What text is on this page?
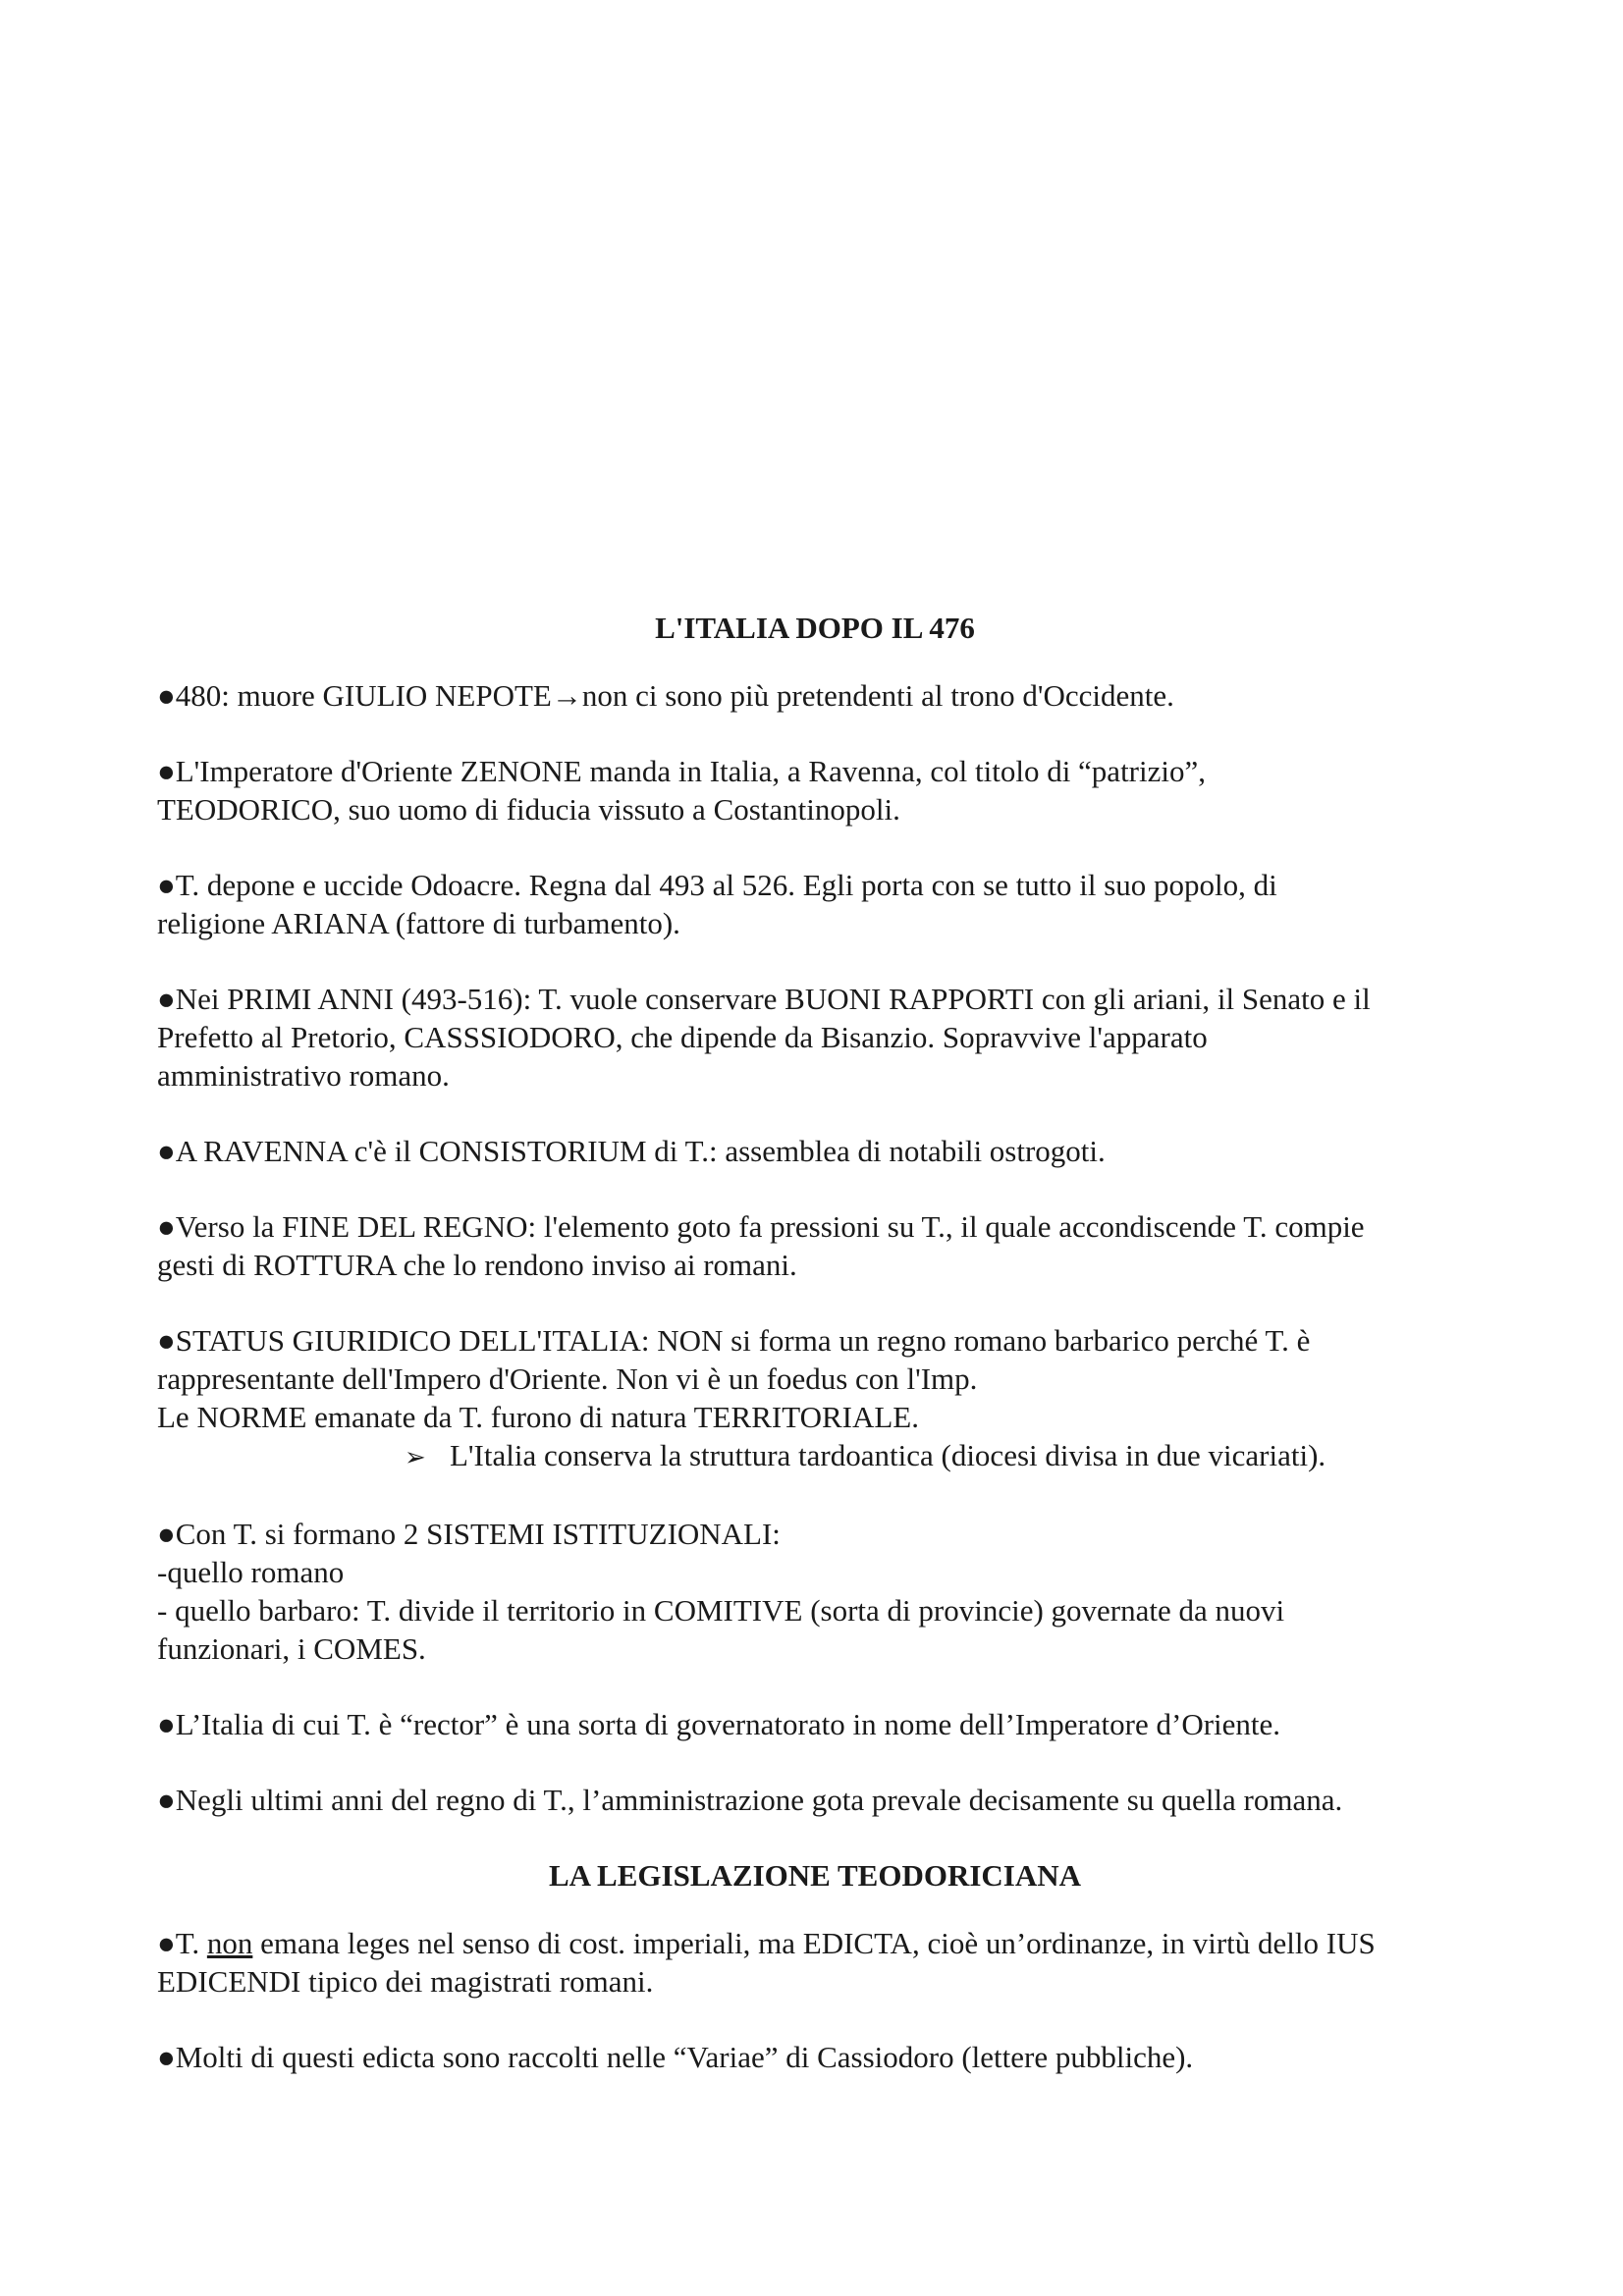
L'ITALIA DOPO IL 476
●480: muore GIULIO NEPOTE→non ci sono più pretendenti al trono d'Occidente.
●L'Imperatore d'Oriente ZENONE manda in Italia, a Ravenna, col titolo di “patrizio”,
TEODORICO, suo uomo di fiducia vissuto a Costantinopoli.
●T. depone e uccide Odoacre. Regna dal 493 al 526. Egli porta con se tutto il suo popolo, di
religione ARIANA (fattore di turbamento).
●Nei PRIMI ANNI (493-516): T. vuole conservare BUONI RAPPORTI con gli ariani, il Senato e il
Prefetto al Pretorio, CASSSIODORO, che dipende da Bisanzio. Sopravvive l'apparato
amministrativo romano.
●A RAVENNA c'è il CONSISTORIUM di T.: assemblea di notabili ostrogoti.
●Verso la FINE DEL REGNO: l'elemento goto fa pressioni su T., il quale accondiscende T. compie
gesti di ROTTURA che lo rendono inviso ai romani.
●STATUS GIURIDICO DELL'ITALIA: NON si forma un regno romano barbarico perché T. è
rappresentante dell'Impero d'Oriente. Non vi è un foedus con l'Imp.
Le NORME emanate da T. furono di natura TERRITORIALE.
➢ L'Italia conserva la struttura tardoantica (diocesi divisa in due vicariati).
●Con T. si formano 2 SISTEMI ISTITUZIONALI:
-quello romano
- quello barbaro: T. divide il territorio in COMITIVE (sorta di provincie) governate da nuovi
funzionari, i COMES.
●L’Italia di cui T. è “rector” è una sorta di governatorato in nome dell’Imperatore d’Oriente.
●Negli ultimi anni del regno di T., l’amministrazione gota prevale decisamente su quella romana.
LA LEGISLAZIONE TEODORICIANA
●T. non emana leges nel senso di cost. imperiali, ma EDICTA, cioè un’ordinanze, in virtù dello IUS
EDICENDI tipico dei magistrati romani.
●Molti di questi edicta sono raccolti nelle “Variae” di Cassiodoro (lettere pubbliche).
